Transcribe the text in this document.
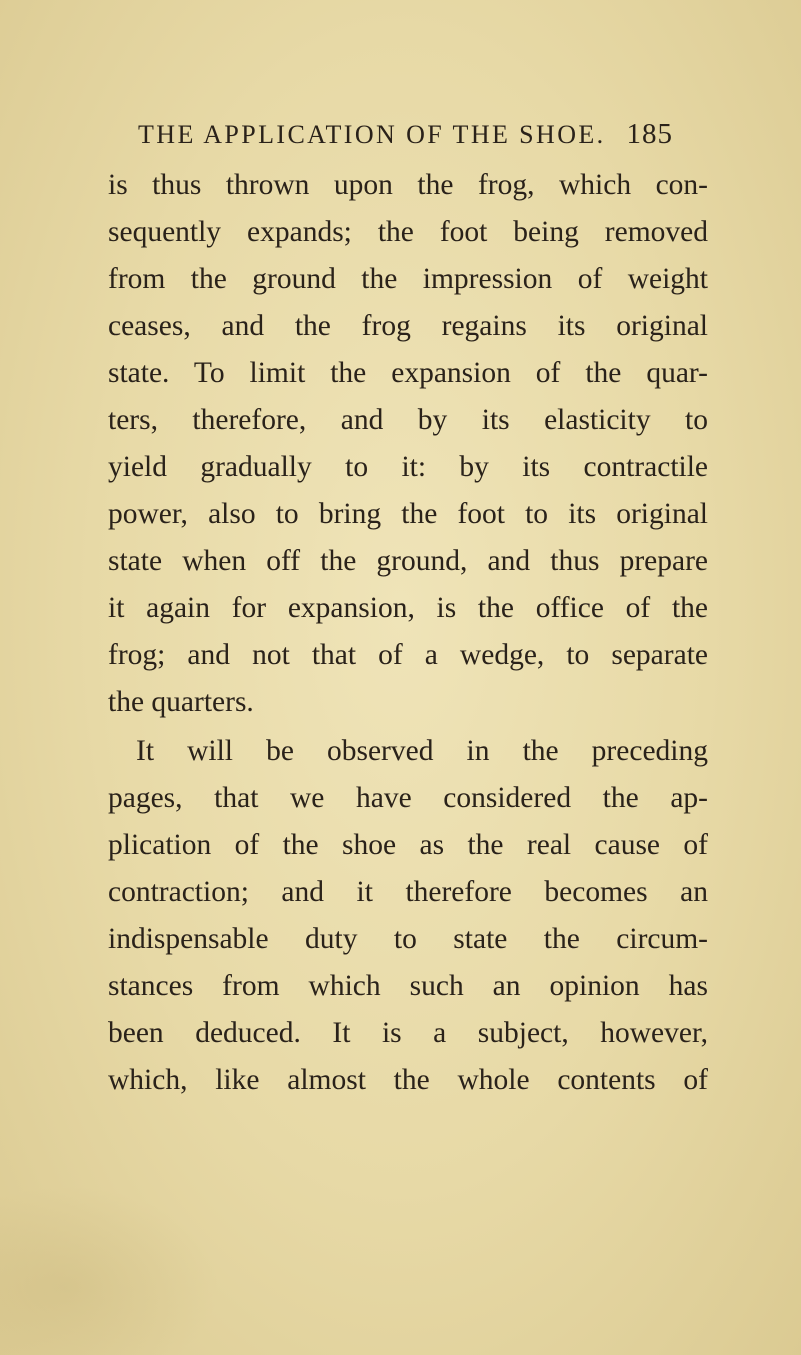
THE APPLICATION OF THE SHOE. 185
is thus thrown upon the frog, which con-
sequently expands; the foot being removed
from the ground the impression of weight
ceases, and the frog regains its original
state. To limit the expansion of the quar-
ters, therefore, and by its elasticity to
yield gradually to it: by its contractile
power, also to bring the foot to its original
state when off the ground, and thus prepare
it again for expansion, is the office of the
frog; and not that of a wedge, to separate
the quarters.
It will be observed in the preceding
pages, that we have considered the ap-
plication of the shoe as the real cause of
contraction; and it therefore becomes an
indispensable duty to state the circum-
stances from which such an opinion has
been deduced. It is a subject, however,
which, like almost the whole contents of
